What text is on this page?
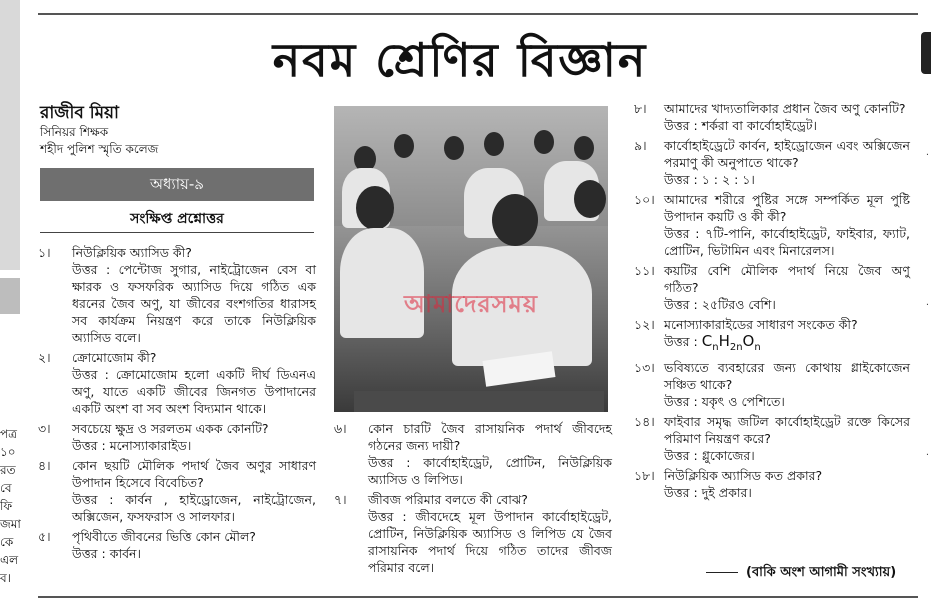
পত্র
১০
রত
বে
ফি
জমা
কে
এল
ব।
·
·
·
নবম শ্রেণির বিজ্ঞান
রাজীব মিয়া
সিনিয়র শিক্ষক
শহীদ পুলিশ স্মৃতি কলেজ
অধ্যায়-৯
সংক্ষিপ্ত প্রশ্নোত্তর
১।	নিউক্লিয়িক অ্যাসিড কী?
উত্তর : পেন্টোজ সুগার, নাইট্রোজেন বেস বা ক্ষারক ও ফসফরিক অ্যাসিড দিয়ে গঠিত এক ধরনের জৈব অণু, যা জীবের বংশগতির ধারাসহ সব কার্যক্রম নিয়ন্ত্রণ করে তাকে নিউক্লিয়িক অ্যাসিড বলে।
২।	ক্রোমোজোম কী?
উত্তর : ক্রোমোজোম হলো একটি দীর্ঘ ডিএনএ অণু, যাতে একটি জীবের জিনগত উপাদানের একটি অংশ বা সব অংশ বিদ্যমান থাকে।
৩।	সবচেয়ে ক্ষুদ্র ও সরলতম একক কোনটি?
উত্তর : মনোস্যাকারাইড।
৪।	কোন ছয়টি মৌলিক পদার্থ জৈব অণুর সাধারণ উপাদান হিসেবে বিবেচিত?
উত্তর : কার্বন , হাইড্রোজেন, নাইট্রোজেন, অক্সিজেন, ফসফরাস ও সালফার।
৫।	পৃথিবীতে জীবনের ভিত্তি কোন মৌল?
উত্তর : কার্বন।
আমাদেরসময়
৬।	কোন চারটি জৈব রাসায়নিক পদার্থ জীবদেহ গঠনের জন্য দায়ী?
উত্তর : কার্বোহাইড্রেট, প্রোটিন, নিউক্লিয়িক অ্যাসিড ও লিপিড।
৭।	জীবজ পরিমার বলতে কী বোঝ?
উত্তর : জীবদেহে মূল উপাদান কার্বোহাইড্রেট, প্রোটিন, নিউক্লিয়িক অ্যাসিড ও লিপিড যে জৈব রাসায়নিক পদার্থ দিয়ে গঠিত তাদের জীবজ পরিমার বলে।
৮।	আমাদের খাদ্যতালিকার প্রধান জৈব অণু কোনটি?
উত্তর : শর্করা বা কার্বোহাইড্রেট।
৯।	কার্বোহাইড্রেটে কার্বন, হাইড্রোজেন এবং অক্সিজেন পরমাণু কী অনুপাতে থাকে?
উত্তর : ১ : ২ : ১।
১০। আমাদের শরীরে পুষ্টির সঙ্গে সম্পর্কিত মূল পুষ্টি উপাদান কয়টি ও কী কী?
উত্তর : ৭টি-পানি, কার্বোহাইড্রেট, ফাইবার, ফ্যাট, প্রোটিন, ভিটামিন এবং মিনারেলস।
১১। কয়টির বেশি মৌলিক পদার্থ নিয়ে জৈব অণু গঠিত?
উত্তর : ২৫টিরও বেশি।
১২। মনোস্যাকারাইডের সাধারণ সংকেত কী?
উত্তর : $C_nH_{2n}O_n$
১৩। ভবিষ্যতে ব্যবহারের জন্য কোথায় গ্লাইকোজেন সঞ্চিত থাকে?
উত্তর : যকৃৎ ও পেশিতে।
১৪। ফাইবার সমৃদ্ধ জটিল কার্বোহাইড্রেট রক্তে কিসের পরিমাণ নিয়ন্ত্রণ করে?
উত্তর : গ্লুকোজের।
১৮। নিউক্লিয়িক অ্যাসিড কত প্রকার?
উত্তর : দুই প্রকার।
(বাকি অংশ আগামী সংখ্যায়)
